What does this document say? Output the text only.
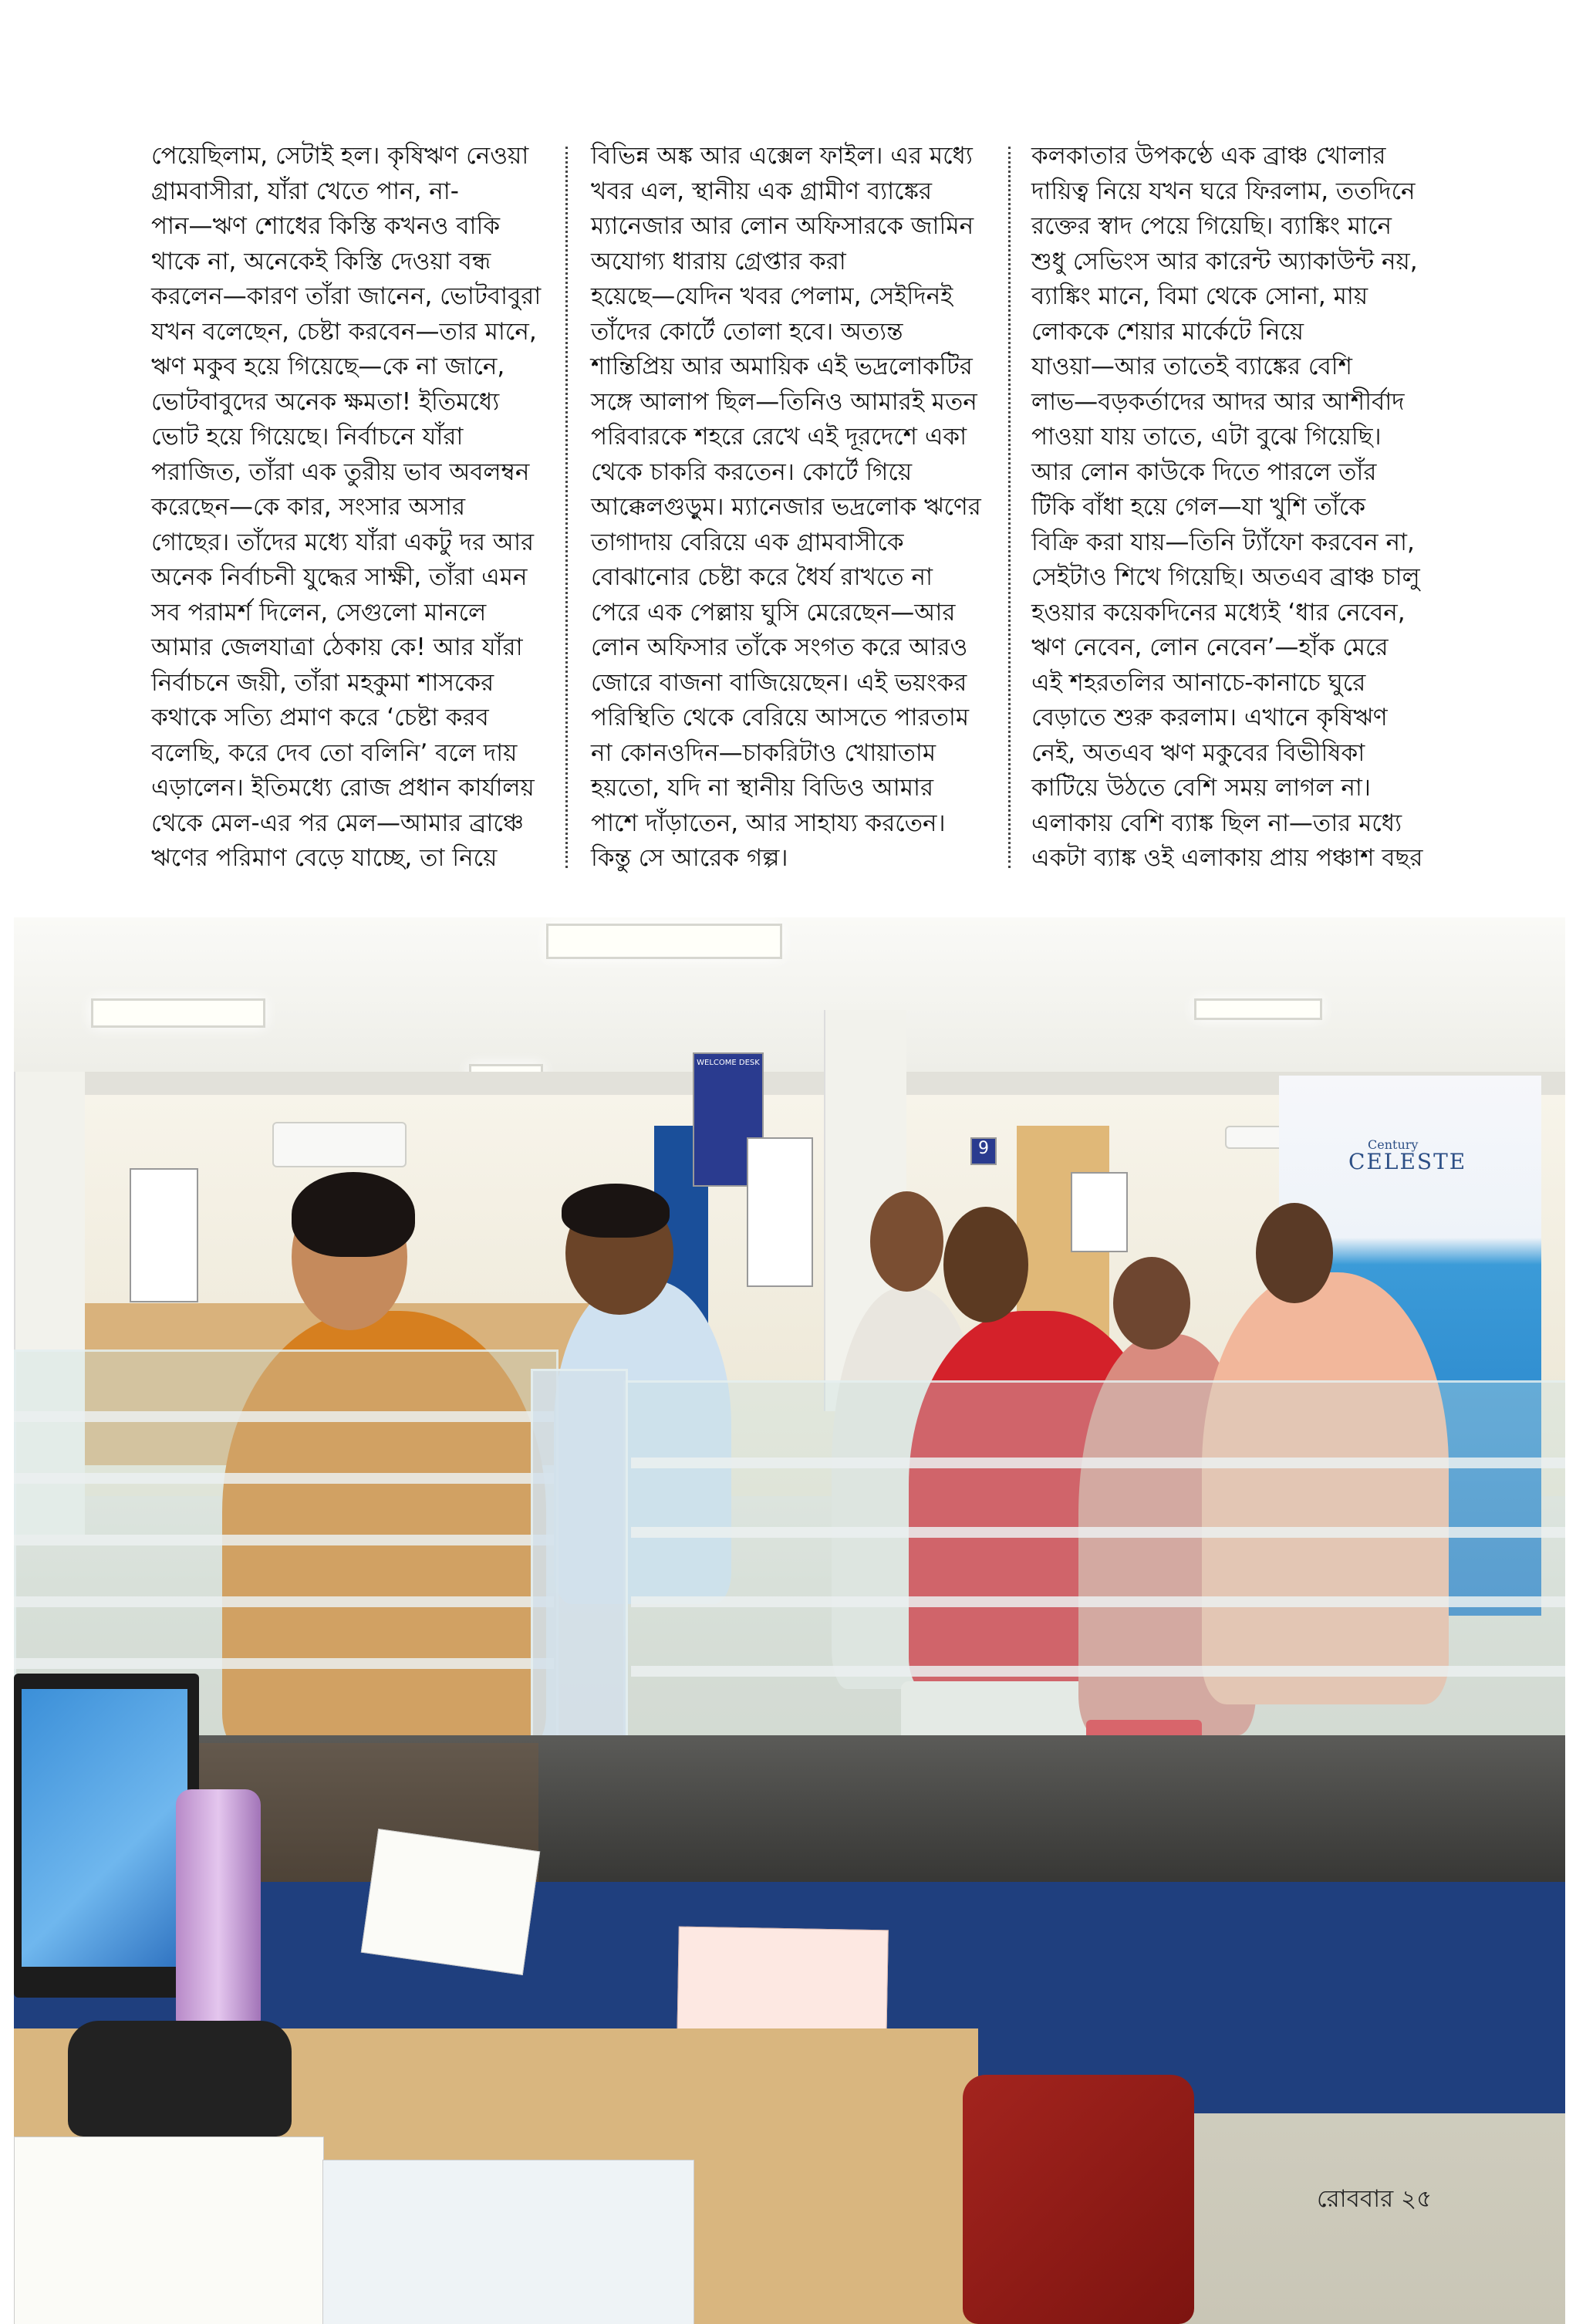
পেয়েছিলাম, সেটাই হল। কৃষিঋণ নেওয়া
গ্রামবাসীরা, যাঁরা খেতে পান, না-
পান—ঋণ শোধের কিস্তি কখনও বাকি
থাকে না, অনেকেই কিস্তি দেওয়া বন্ধ
করলেন—কারণ তাঁরা জানেন, ভোটবাবুরা
যখন বলেছেন, চেষ্টা করবেন—তার মানে,
ঋণ মকুব হয়ে গিয়েছে—কে না জানে,
ভোটবাবুদের অনেক ক্ষমতা! ইতিমধ্যে
ভোট হয়ে গিয়েছে। নির্বাচনে যাঁরা
পরাজিত, তাঁরা এক তুরীয় ভাব অবলম্বন
করেছেন—কে কার, সংসার অসার
গোছের। তাঁদের মধ্যে যাঁরা একটু দর আর
অনেক নির্বাচনী যুদ্ধের সাক্ষী, তাঁরা এমন
সব পরামর্শ দিলেন, সেগুলো মানলে
আমার জেলযাত্রা ঠেকায় কে! আর যাঁরা
নির্বাচনে জয়ী, তাঁরা মহকুমা শাসকের
কথাকে সত্যি প্রমাণ করে ‘চেষ্টা করব
বলেছি, করে দেব তো বলিনি’ বলে দায়
এড়ালেন। ইতিমধ্যে রোজ প্রধান কার্যালয়
থেকে মেল-এর পর মেল—আমার ব্রাঞ্চে
ঋণের পরিমাণ বেড়ে যাচ্ছে, তা নিয়ে
বিভিন্ন অঙ্ক আর এক্সেল ফাইল। এর মধ্যে
খবর এল, স্থানীয় এক গ্রামীণ ব্যাঙ্কের
ম্যানেজার আর লোন অফিসারকে জামিন
অযোগ্য ধারায় গ্রেপ্তার করা
হয়েছে—যেদিন খবর পেলাম, সেইদিনই
তাঁদের কোর্টে তোলা হবে। অত্যন্ত
শান্তিপ্রিয় আর অমায়িক এই ভদ্রলোকটির
সঙ্গে আলাপ ছিল—তিনিও আমারই মতন
পরিবারকে শহরে রেখে এই দূরদেশে একা
থেকে চাকরি করতেন। কোর্টে গিয়ে
আক্কেলগুড়ুম। ম্যানেজার ভদ্রলোক ঋণের
তাগাদায় বেরিয়ে এক গ্রামবাসীকে
বোঝানোর চেষ্টা করে ধৈর্য রাখতে না
পেরে এক পেল্লায় ঘুসি মেরেছেন—আর
লোন অফিসার তাঁকে সংগত করে আরও
জোরে বাজনা বাজিয়েছেন। এই ভয়ংকর
পরিস্থিতি থেকে বেরিয়ে আসতে পারতাম
না কোনওদিন—চাকরিটাও খোয়াতাম
হয়তো, যদি না স্থানীয় বিডিও আমার
পাশে দাঁড়াতেন, আর সাহায্য করতেন।
কিন্তু সে আরেক গল্প।
কলকাতার উপকণ্ঠে এক ব্রাঞ্চ খোলার
দায়িত্ব নিয়ে যখন ঘরে ফিরলাম, ততদিনে
রক্তের স্বাদ পেয়ে গিয়েছি। ব্যাঙ্কিং মানে
শুধু সেভিংস আর কারেন্ট অ্যাকাউন্ট নয়,
ব্যাঙ্কিং মানে, বিমা থেকে সোনা, মায়
লোককে শেয়ার মার্কেটে নিয়ে
যাওয়া—আর তাতেই ব্যাঙ্কের বেশি
লাভ—বড়কর্তাদের আদর আর আশীর্বাদ
পাওয়া যায় তাতে, এটা বুঝে গিয়েছি।
আর লোন কাউকে দিতে পারলে তাঁর
টিকি বাঁধা হয়ে গেল—যা খুশি তাঁকে
বিক্রি করা যায়—তিনি ট্যাঁফো করবেন না,
সেইটাও শিখে গিয়েছি। অতএব ব্রাঞ্চ চালু
হওয়ার কয়েকদিনের মধ্যেই ‘ধার নেবেন,
ঋণ নেবেন, লোন নেবেন’—হাঁক মেরে
এই শহরতলির আনাচে-কানাচে ঘুরে
বেড়াতে শুরু করলাম। এখানে কৃষিঋণ
নেই, অতএব ঋণ মকুবের বিভীষিকা
কাটিয়ে উঠতে বেশি সময় লাগল না।
এলাকায় বেশি ব্যাঙ্ক ছিল না—তার মধ্যে
একটা ব্যাঙ্ক ওই এলাকায় প্রায় পঞ্চাশ বছর
WELCOME DESK
9	Century
CELESTE
রোববার ২৫
